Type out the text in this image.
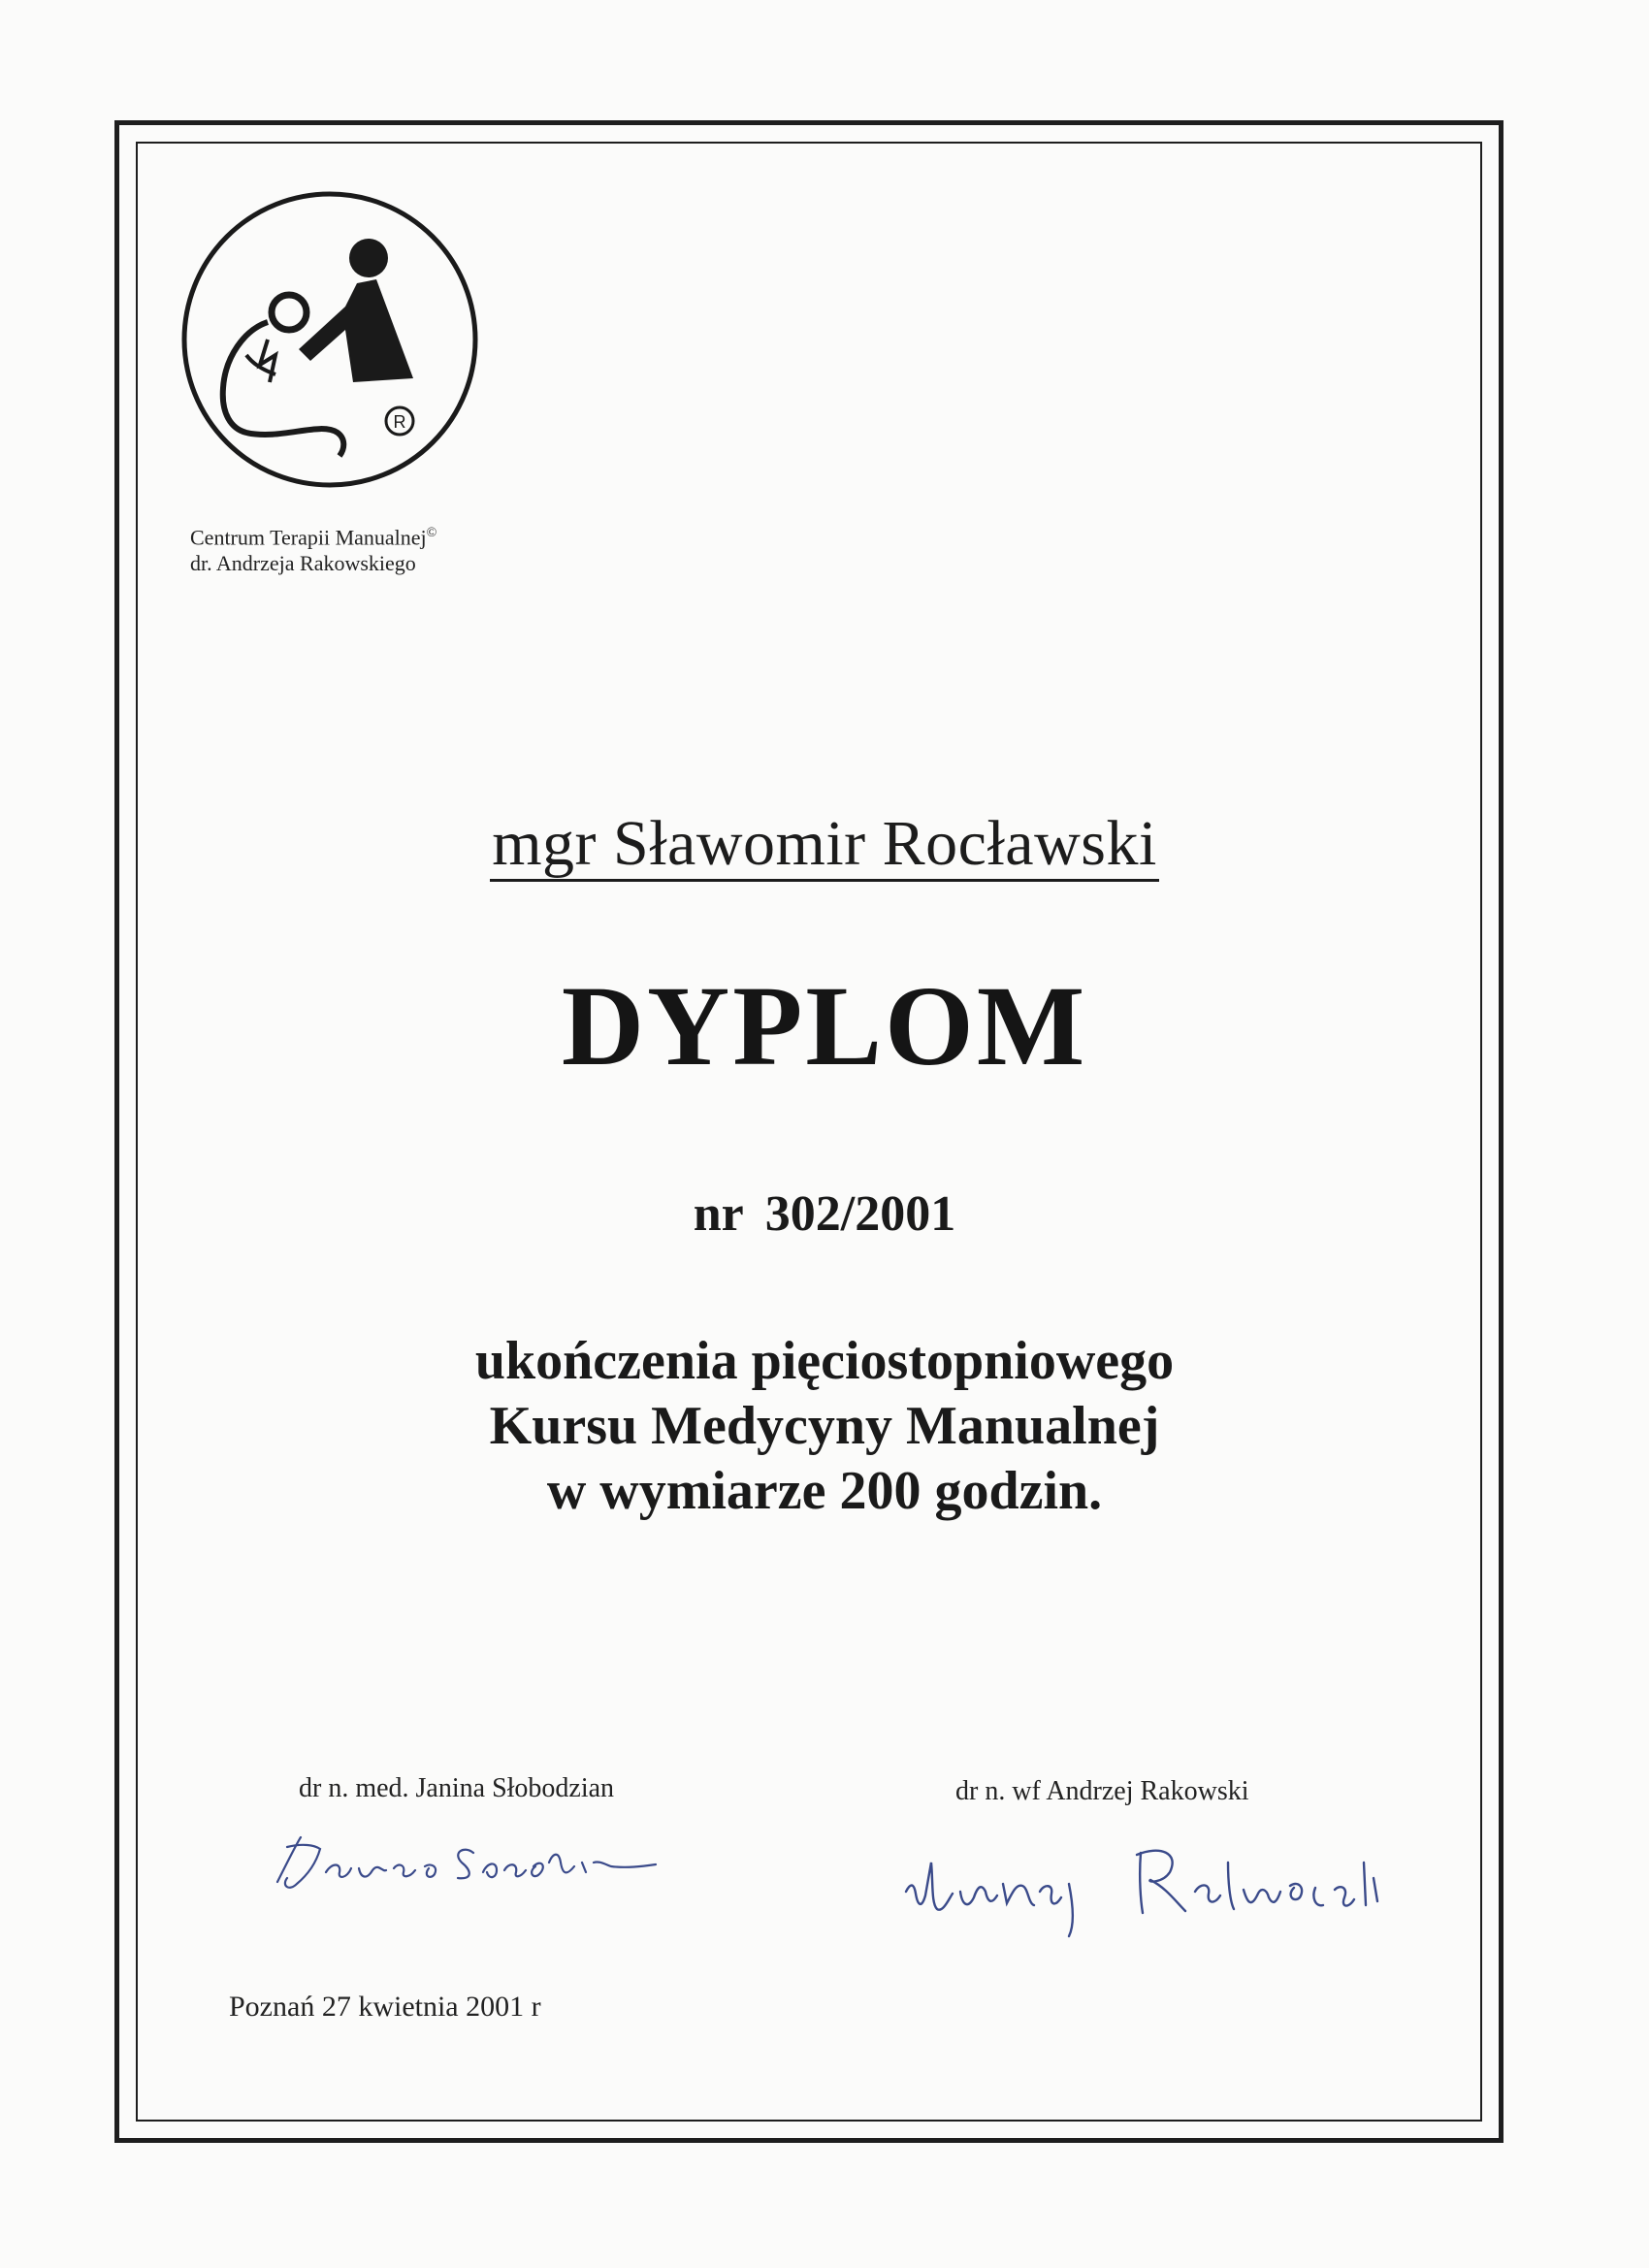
R
Centrum Terapii Manualnej©
dr. Andrzeja Rakowskiego
mgr Sławomir Rocławski
DYPLOM
nr 302/2001
ukończenia pięciostopniowego
Kursu Medycyny Manualnej
w wymiarze 200 godzin.
dr n. med. Janina Słobodzian	dr n. wf Andrzej Rakowski
Poznań 27 kwietnia 2001 r
